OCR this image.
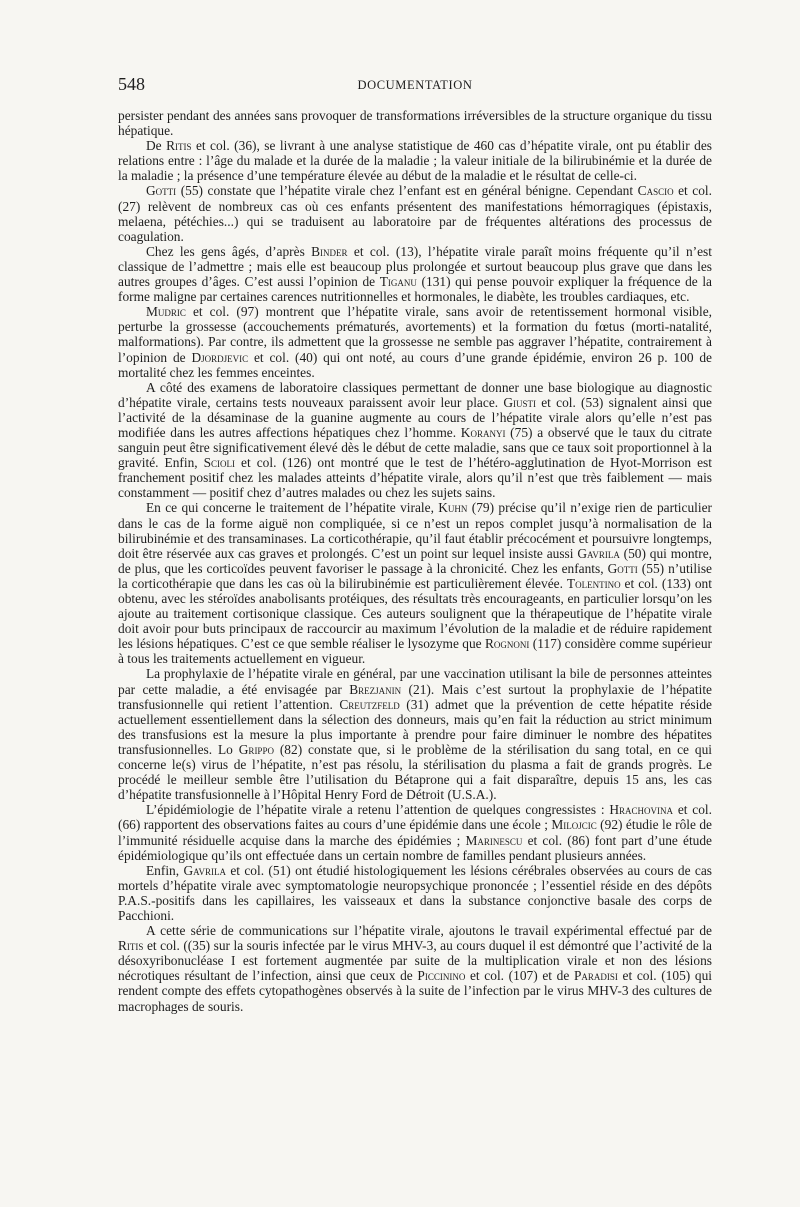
548	DOCUMENTATION

persister pendant des années sans provoquer de transformations irréversibles de la structure organique du tissu hépatique.

De Ritis et col. (36), se livrant à une analyse statistique de 460 cas d’hépatite virale, ont pu établir des relations entre : l’âge du malade et la durée de la maladie ; la valeur initiale de la bilirubinémie et la durée de la maladie ; la présence d’une température élevée au début de la maladie et le résultat de celle-ci.

Gotti (55) constate que l’hépatite virale chez l’enfant est en général bénigne. Cependant Cascio et col. (27) relèvent de nombreux cas où ces enfants présentent des manifestations hémorragiques (épistaxis, melaena, pétéchies...) qui se traduisent au laboratoire par de fréquentes altérations des processus de coagulation.

Chez les gens âgés, d’après Binder et col. (13), l’hépatite virale paraît moins fréquente qu’il n’est classique de l’admettre ; mais elle est beaucoup plus prolongée et surtout beaucoup plus grave que dans les autres groupes d’âges. C’est aussi l’opinion de Tiganu (131) qui pense pouvoir expliquer la fréquence de la forme maligne par certaines carences nutritionnelles et hormonales, le diabète, les troubles cardiaques, etc.

Mudric et col. (97) montrent que l’hépatite virale, sans avoir de retentissement hormonal visible, perturbe la grossesse (accouchements prématurés, avortements) et la formation du fœtus (morti-natalité, malformations). Par contre, ils admettent que la grossesse ne semble pas aggraver l’hépatite, contrairement à l’opinion de Djordjevic et col. (40) qui ont noté, au cours d’une grande épidémie, environ 26 p. 100 de mortalité chez les femmes enceintes.

A côté des examens de laboratoire classiques permettant de donner une base biologique au diagnostic d’hépatite virale, certains tests nouveaux paraissent avoir leur place. Giusti et col. (53) signalent ainsi que l’activité de la désaminase de la guanine augmente au cours de l’hépatite virale alors qu’elle n’est pas modifiée dans les autres affections hépatiques chez l’homme. Koranyi (75) a observé que le taux du citrate sanguin peut être significativement élevé dès le début de cette maladie, sans que ce taux soit proportionnel à la gravité. Enfin, Scioli et col. (126) ont montré que le test de l’hétéro-agglutination de Hyot-Morrison est franchement positif chez les malades atteints d’hépatite virale, alors qu’il n’est que très faiblement — mais constamment — positif chez d’autres malades ou chez les sujets sains.

En ce qui concerne le traitement de l’hépatite virale, Kuhn (79) précise qu’il n’exige rien de particulier dans le cas de la forme aiguë non compliquée, si ce n’est un repos complet jusqu’à normalisation de la bilirubinémie et des transaminases. La corticothérapie, qu’il faut établir précocément et poursuivre longtemps, doit être réservée aux cas graves et prolongés. C’est un point sur lequel insiste aussi Gavrila (50) qui montre, de plus, que les corticoïdes peuvent favoriser le passage à la chronicité. Chez les enfants, Gotti (55) n’utilise la corticothérapie que dans les cas où la bilirubinémie est particulièrement élevée. Tolentino et col. (133) ont obtenu, avec les stéroïdes anabolisants protéiques, des résultats très encourageants, en particulier lorsqu’on les ajoute au traitement cortisonique classique. Ces auteurs soulignent que la thérapeutique de l’hépatite virale doit avoir pour buts principaux de raccourcir au maximum l’évolution de la maladie et de réduire rapidement les lésions hépatiques. C’est ce que semble réaliser le lysozyme que Rognoni (117) considère comme supérieur à tous les traitements actuellement en vigueur.

La prophylaxie de l’hépatite virale en général, par une vaccination utilisant la bile de personnes atteintes par cette maladie, a été envisagée par Brezjanin (21). Mais c’est surtout la prophylaxie de l’hépatite transfusionnelle qui retient l’attention. Creutzfeld (31) admet que la prévention de cette hépatite réside actuellement essentiellement dans la sélection des donneurs, mais qu’en fait la réduction au strict minimum des transfusions est la mesure la plus importante à prendre pour faire diminuer le nombre des hépatites transfusionnelles. Lo Grippo (82) constate que, si le problème de la stérilisation du sang total, en ce qui concerne le(s) virus de l’hépatite, n’est pas résolu, la stérilisation du plasma a fait de grands progrès. Le procédé le meilleur semble être l’utilisation du Bétaprone qui a fait disparaître, depuis 15 ans, les cas d’hépatite transfusionnelle à l’Hôpital Henry Ford de Détroit (U.S.A.).

L’épidémiologie de l’hépatite virale a retenu l’attention de quelques congressistes : Hrachovina et col. (66) rapportent des observations faites au cours d’une épidémie dans une école ; Milojcic (92) étudie le rôle de l’immunité résiduelle acquise dans la marche des épidémies ; Marinescu et col. (86) font part d’une étude épidémiologique qu’ils ont effectuée dans un certain nombre de familles pendant plusieurs années.

Enfin, Gavrila et col. (51) ont étudié histologiquement les lésions cérébrales observées au cours de cas mortels d’hépatite virale avec symptomatologie neuropsychique prononcée ; l’essentiel réside en des dépôts P.A.S.-positifs dans les capillaires, les vaisseaux et dans la substance conjonctive basale des corps de Pacchioni.

A cette série de communications sur l’hépatite virale, ajoutons le travail expérimental effectué par de Ritis et col. ((35) sur la souris infectée par le virus MHV-3, au cours duquel il est démontré que l’activité de la désoxyribonucléase I est fortement augmentée par suite de la multiplication virale et non des lésions nécrotiques résultant de l’infection, ainsi que ceux de Piccinino et col. (107) et de Paradisi et col. (105) qui rendent compte des effets cytopathogènes observés à la suite de l’infection par le virus MHV-3 des cultures de macrophages de souris.
